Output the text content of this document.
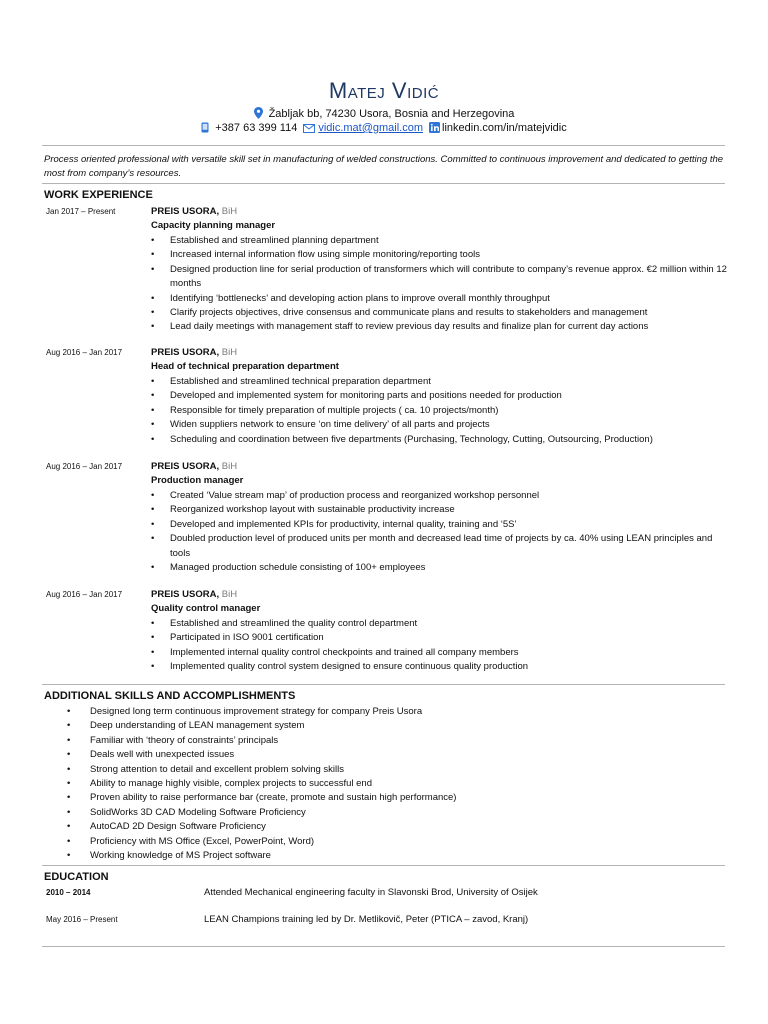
Matej Vidić
Žabljak bb, 74230 Usora, Bosnia and Herzegovina
+387 63 399 114 vidic.mat@gmail.com linkedin.com/in/matejvidic
Process oriented professional with versatile skill set in manufacturing of welded constructions. Committed to continuous improvement and dedicated to getting the most from company’s resources.
WORK EXPERIENCE
Jan 2017 – Present	PREIS USORA, BiH
Capacity planning manager
• Established and streamlined planning department
• Increased internal information flow using simple monitoring/reporting tools
• Designed production line for serial production of transformers which will contribute to company’s revenue approx. €2 million within 12 months
• Identifying ‘bottlenecks’ and developing action plans to improve overall monthly throughput
• Clarify projects objectives, drive consensus and communicate plans and results to stakeholders and management
• Lead daily meetings with management staff to review previous day results and finalize plan for current day actions
Aug 2016 – Jan 2017	PREIS USORA, BiH
Head of technical preparation department
• Established and streamlined technical preparation department
• Developed and implemented system for monitoring parts and positions needed for production
• Responsible for timely preparation of multiple projects ( ca. 10 projects/month)
• Widen suppliers network to ensure ‘on time delivery’ of all parts and projects
• Scheduling and coordination between five departments (Purchasing, Technology, Cutting, Outsourcing, Production)
Aug 2016 – Jan 2017	PREIS USORA, BiH
Production manager
• Created ‘Value stream map’ of production process and reorganized workshop personnel
• Reorganized workshop layout with sustainable productivity increase
• Developed and implemented KPIs for productivity, internal quality, training and ‘5S’
• Doubled production level of produced units per month and decreased lead time of projects by ca. 40% using LEAN principles and tools
• Managed production schedule consisting of 100+ employees
Aug 2016 – Jan 2017	PREIS USORA, BiH
Quality control manager
• Established and streamlined the quality control department
• Participated in ISO 9001 certification
• Implemented internal quality control checkpoints and trained all company members
• Implemented quality control system designed to ensure continuous quality production
ADDITIONAL SKILLS AND ACCOMPLISHMENTS
• Designed long term continuous improvement strategy for company Preis Usora
• Deep understanding of LEAN management system
• Familiar with ‘theory of constraints’ principals
• Deals well with unexpected issues
• Strong attention to detail and excellent problem solving skills
• Ability to manage highly visible, complex projects to successful end
• Proven ability to raise performance bar (create, promote and sustain high performance)
• SolidWorks 3D CAD Modeling Software Proficiency
• AutoCAD 2D Design Software Proficiency
• Proficiency with MS Office (Excel, PowerPoint, Word)
• Working knowledge of MS Project software
EDUCATION
2010 – 2014	Attended Mechanical engineering faculty in Slavonski Brod, University of Osijek
May 2016 – Present	LEAN Champions training led by Dr. Metlikovič, Peter (PTICA – zavod, Kranj)
